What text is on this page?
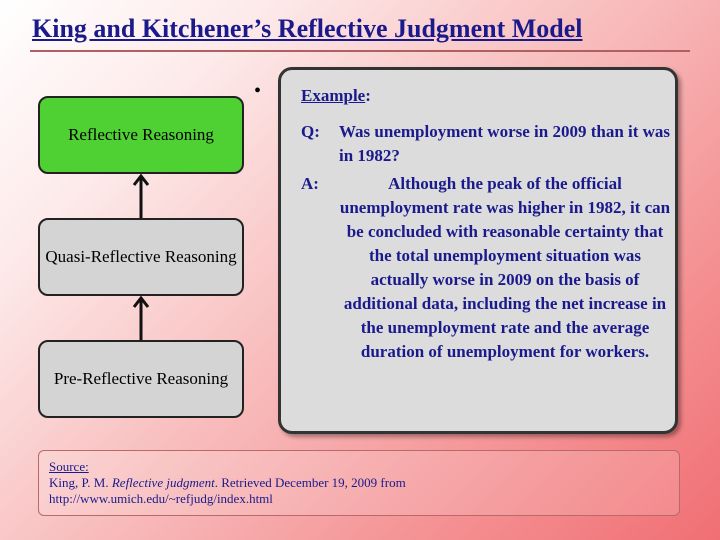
King and Kitchener’s Reflective Judgment Model
•
Reflective Reasoning
Quasi-Reflective Reasoning
Pre-Reflective Reasoning
Example:
Q:	Was unemployment worse in 2009 than it was in 1982?
A:	Although the peak of the official unemployment rate was higher in 1982, it can be concluded with reasonable certainty that the total unemployment situation was actually worse in 2009 on the basis of additional data, including the net increase in the unemployment rate and the average duration of unemployment for workers.
Source:
King, P. M. Reflective judgment. Retrieved December 19, 2009 from
http://www.umich.edu/~refjudg/index.html
